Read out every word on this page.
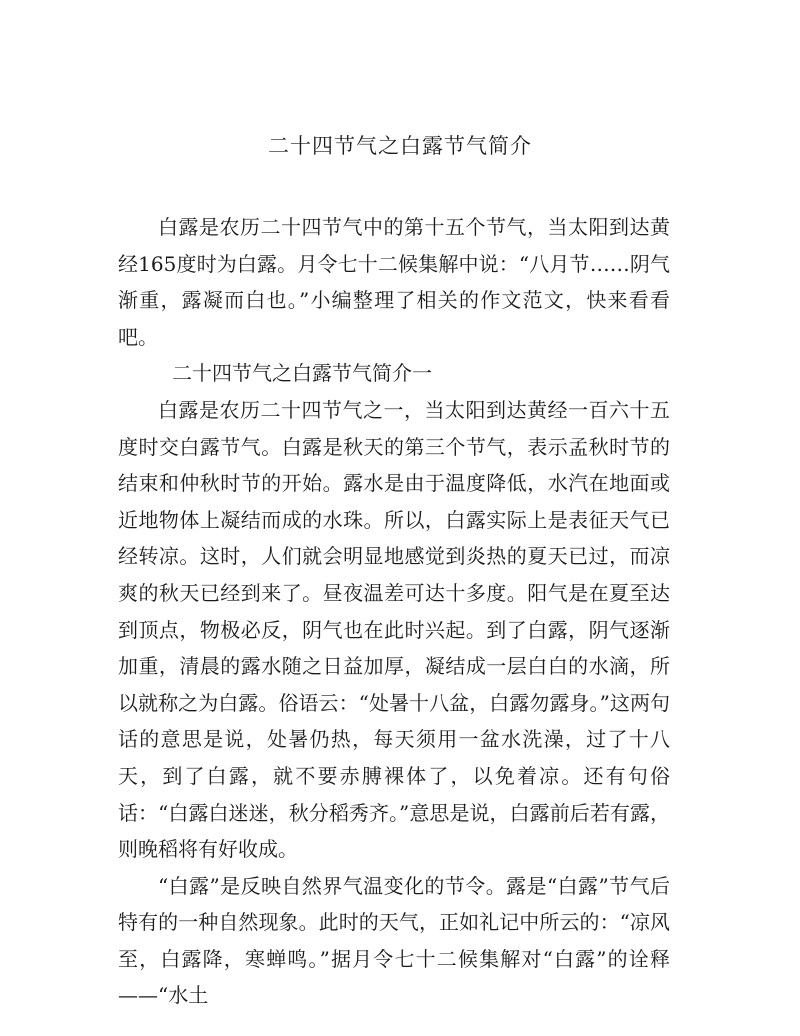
二十四节气之白露节气简介

白露是农历二十四节气中的第十五个节气，当太阳到达黄经165度时为白露。月令七十二候集解中说：“八月节……阴气渐重，露凝而白也。”小编整理了相关的作文范文，快来看看吧。

二十四节气之白露节气简介一

白露是农历二十四节气之一，当太阳到达黄经一百六十五度时交白露节气。白露是秋天的第三个节气，表示孟秋时节的结束和仲秋时节的开始。露水是由于温度降低，水汽在地面或近地物体上凝结而成的水珠。所以，白露实际上是表征天气已经转凉。这时，人们就会明显地感觉到炎热的夏天已过，而凉爽的秋天已经到来了。昼夜温差可达十多度。阳气是在夏至达到顶点，物极必反，阴气也在此时兴起。到了白露，阴气逐渐加重，清晨的露水随之日益加厚，凝结成一层白白的水滴，所以就称之为白露。俗语云：“处暑十八盆，白露勿露身。”这两句话的意思是说，处暑仍热，每天须用一盆水洗澡，过了十八天，到了白露，就不要赤膊裸体了，以免着凉。还有句俗话：“白露白迷迷，秋分稻秀齐。”意思是说，白露前后若有露，则晚稻将有好收成。

“白露”是反映自然界气温变化的节令。露是“白露”节气后特有的一种自然现象。此时的天气，正如礼记中所云的：“凉风至，白露降，寒蝉鸣。”据月令七十二候集解对“白露”的诠释——“水土
